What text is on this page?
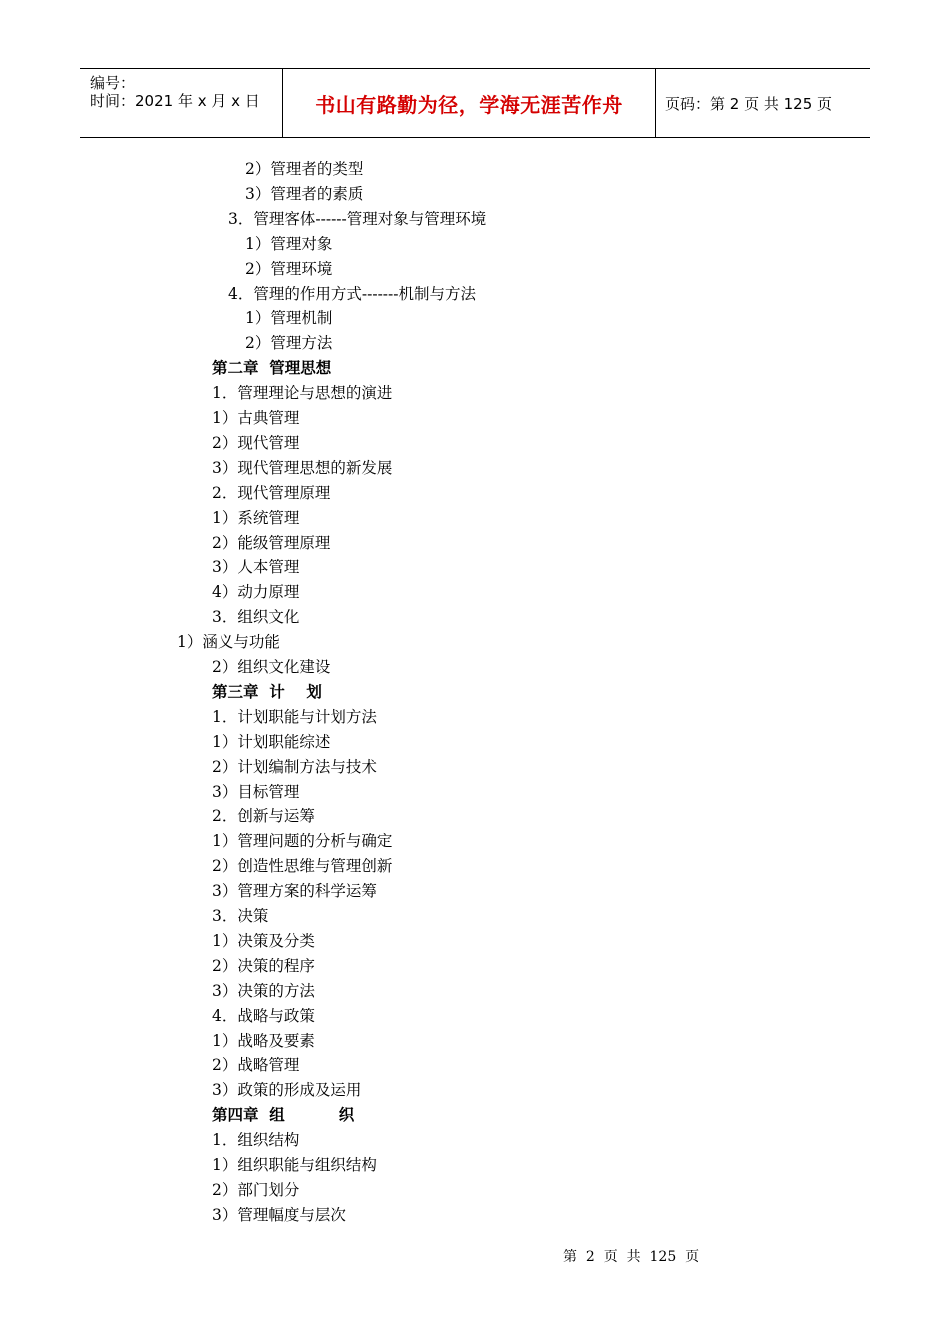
编号：
时间：2021 年 x 月 x 日	书山有路勤为径，学海无涯苦作舟	页码：第 2 页 共 125 页
2）管理者的类型
3）管理者的素质
3．管理客体------管理对象与管理环境
1）管理对象
2）管理环境
4．管理的作用方式-------机制与方法
1）管理机制
2）管理方法
第二章  管理思想
1．管理理论与思想的演进
1）古典管理
2）现代管理
3）现代管理思想的新发展
2．现代管理原理
1）系统管理
2）能级管理原理
3）人本管理
4）动力原理
3．组织文化
1）涵义与功能
2）组织文化建设
第三章  计    划
1．计划职能与计划方法
1）计划职能综述
2）计划编制方法与技术
3）目标管理
2．创新与运筹
1）管理问题的分析与确定
2）创造性思维与管理创新
3）管理方案的科学运筹
3．决策
1）决策及分类
2）决策的程序
3）决策的方法
4．战略与政策
1）战略及要素
2）战略管理
3）政策的形成及运用
第四章  组          织
1．组织结构
1）组织职能与组织结构
2）部门划分
3）管理幅度与层次
第  2  页  共  125  页
